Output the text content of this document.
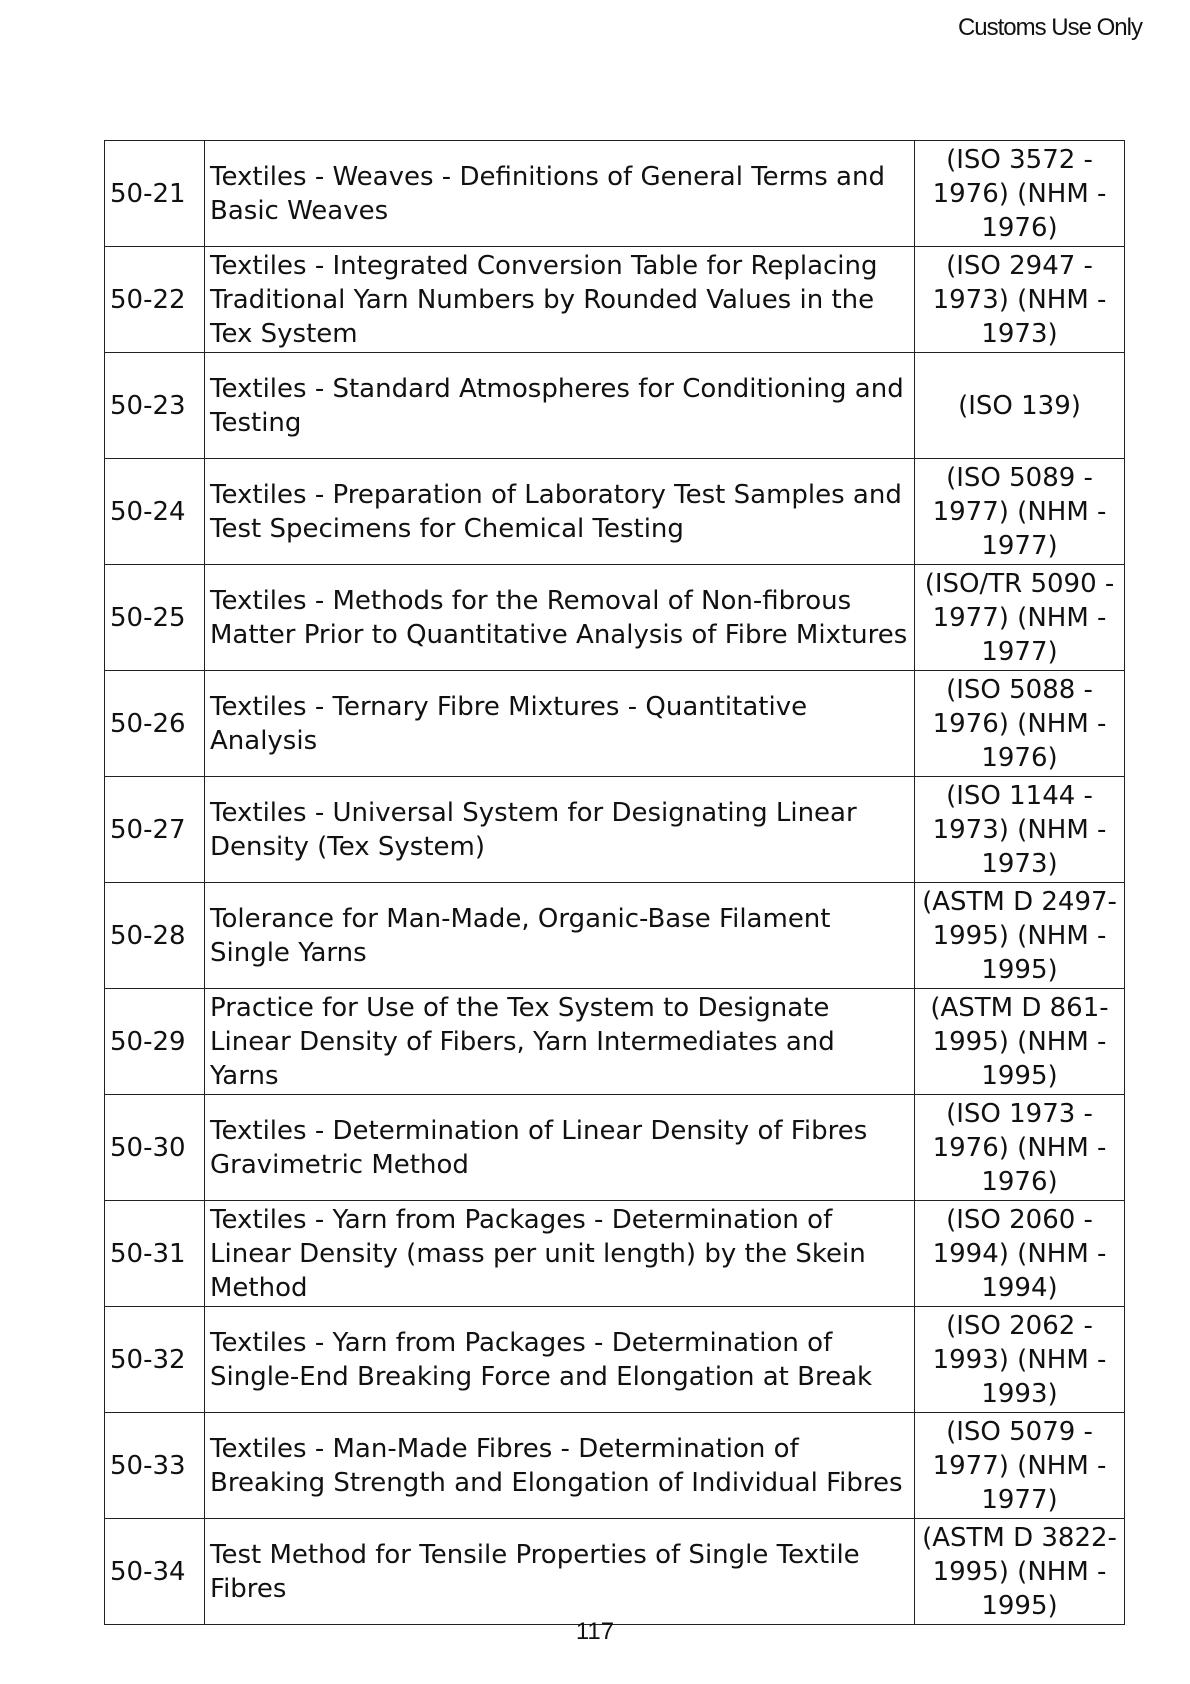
Customs Use Only
50-21	Textiles - Weaves - Definitions of General Terms and Basic Weaves	(ISO 3572 - 1976) (NHM - 1976)
50-22	Textiles - Integrated Conversion Table for Replacing Traditional Yarn Numbers by Rounded Values in the Tex System	(ISO 2947 - 1973) (NHM - 1973)
50-23	Textiles - Standard Atmospheres for Conditioning and Testing	(ISO 139)
50-24	Textiles - Preparation of Laboratory Test Samples and Test Specimens for Chemical Testing	(ISO 5089 - 1977) (NHM - 1977)
50-25	Textiles - Methods for the Removal of Non-fibrous Matter Prior to Quantitative Analysis of Fibre Mixtures	(ISO/TR 5090 - 1977) (NHM - 1977)
50-26	Textiles - Ternary Fibre Mixtures - Quantitative Analysis	(ISO 5088 - 1976) (NHM - 1976)
50-27	Textiles - Universal System for Designating Linear Density (Tex System)	(ISO 1144 - 1973) (NHM - 1973)
50-28	Tolerance for Man-Made, Organic-Base Filament Single Yarns	(ASTM D 2497- 1995) (NHM - 1995)
50-29	Practice for Use of the Tex System to Designate Linear Density of Fibers, Yarn Intermediates and Yarns	(ASTM D 861- 1995) (NHM - 1995)
50-30	Textiles - Determination of Linear Density of Fibres Gravimetric Method	(ISO 1973 - 1976) (NHM - 1976)
50-31	Textiles - Yarn from Packages - Determination of Linear Density (mass per unit length) by the Skein Method	(ISO 2060 - 1994) (NHM - 1994)
50-32	Textiles - Yarn from Packages - Determination of Single-End Breaking Force and Elongation at Break	(ISO 2062 - 1993) (NHM - 1993)
50-33	Textiles - Man-Made Fibres - Determination of Breaking Strength and Elongation of Individual Fibres	(ISO 5079 - 1977) (NHM - 1977)
50-34	Test Method for Tensile Properties of Single Textile Fibres	(ASTM D 3822- 1995) (NHM - 1995)
117
